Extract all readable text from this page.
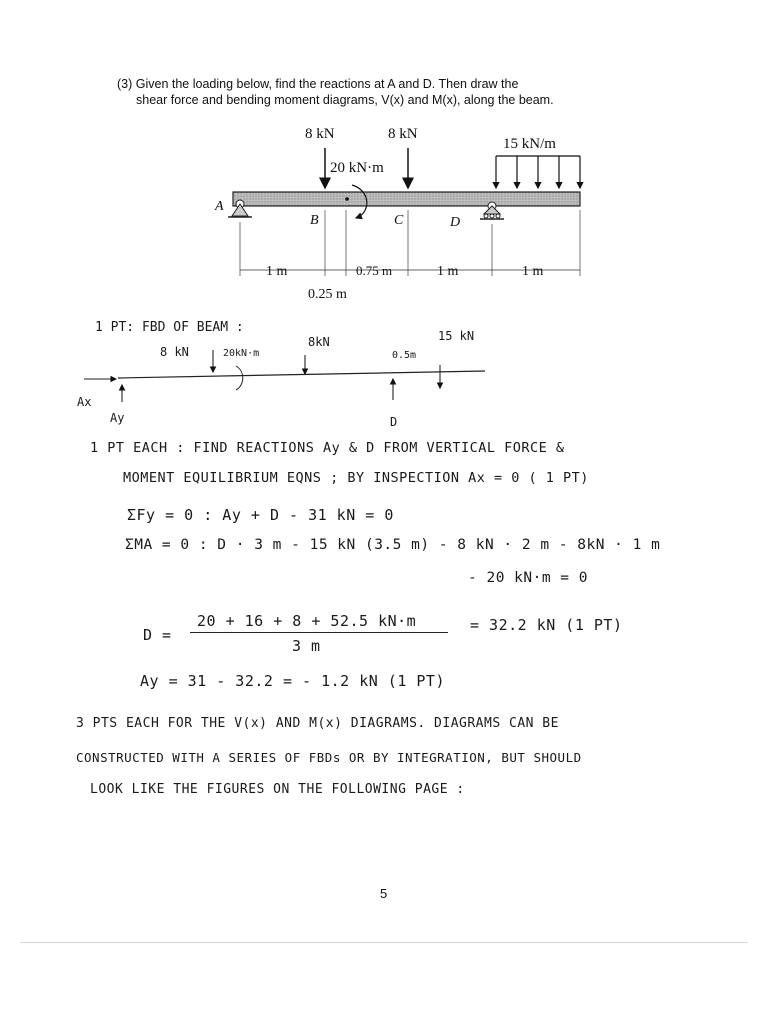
(3) Given the loading below, find the reactions at A and D. Then draw the
shear force and bending moment diagrams, V(x) and M(x), along the beam.
8 kN	8 kN
20 kN·m
15 kN/m
A
B	C	D
1 m	0.75 m	1 m	1 m
0.25 m
1 PT: FBD OF BEAM :
Ax
Ay
8 kN	20kN·m
8kN
D
15 kN
0.5m
1 PT EACH : FIND REACTIONS Ay & D FROM VERTICAL FORCE &
MOMENT EQUILIBRIUM EQNS ; BY INSPECTION Ax = 0 ( 1 PT)
ΣFy = 0 : Ay + D - 31 kN = 0
ΣMA = 0 : D · 3 m - 15 kN (3.5 m) - 8 kN · 2 m - 8kN · 1 m
- 20 kN·m = 0
D =
20 + 16 + 8 + 52.5 kN·m
3 m
= 32.2 kN (1 PT)
Ay = 31 - 32.2 = - 1.2 kN (1 PT)
3 PTS EACH FOR THE V(x) AND M(x) DIAGRAMS. DIAGRAMS CAN BE
CONSTRUCTED WITH A SERIES OF FBDs OR BY INTEGRATION, BUT SHOULD
LOOK LIKE THE FIGURES ON THE FOLLOWING PAGE :
5
